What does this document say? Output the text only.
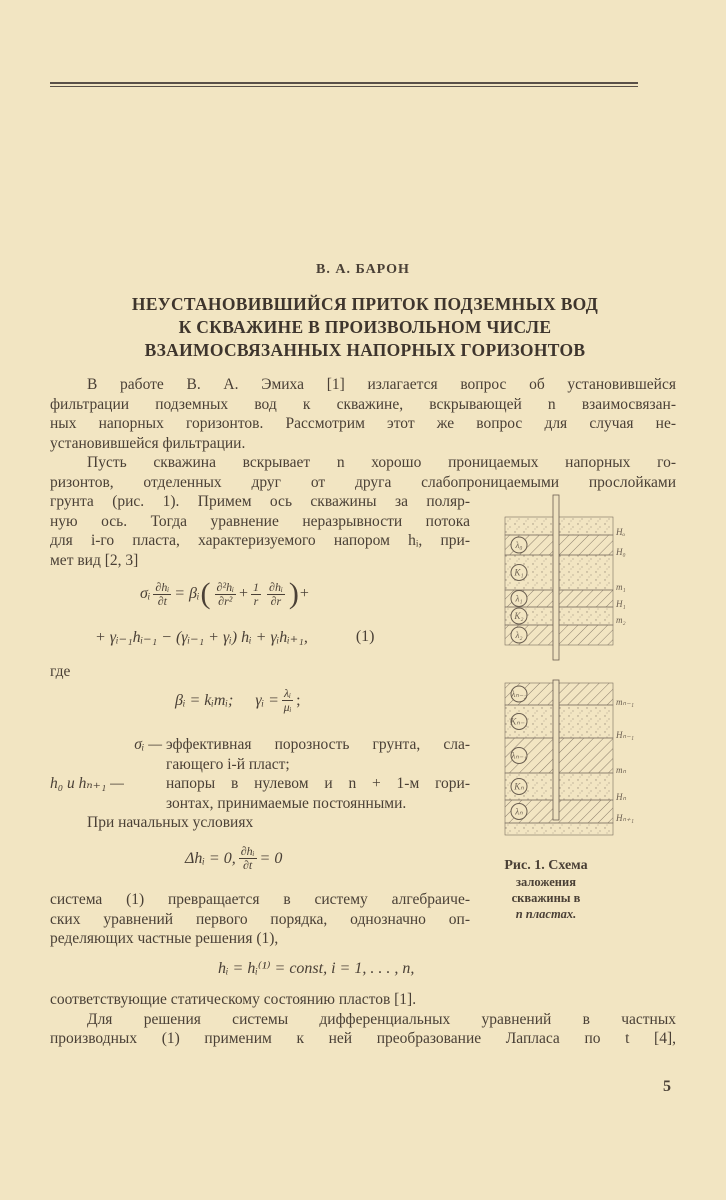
В. А. БАРОН
НЕУСТАНОВИВШИЙСЯ ПРИТОК ПОДЗЕМНЫХ ВОД
К СКВАЖИНЕ В ПРОИЗВОЛЬНОМ ЧИСЛЕ
ВЗАИМОСВЯЗАННЫХ НАПОРНЫХ ГОРИЗОНТОВ
В работе В. А. Эмиха [1] излагается вопрос об установившейся
фильтрации подземных вод к скважине, вскрывающей n взаимосвязан-
ных напорных горизонтов. Рассмотрим этот же вопрос для случая не-
установившейся фильтрации.
Пусть скважина вскрывает n хорошо проницаемых напорных го-
ризонтов, отделенных друг от друга слабопроницаемыми прослойками
грунта (рис. 1). Примем ось скважины за поляр-
ную ось. Тогда уравнение неразрывности потока
для i-го пласта, характеризуемого напором hᵢ, при-
мет вид [2, 3]
σᵢ $\frac{\text{∂hᵢ}}{\partial t}$ = βᵢ ( $\frac{\text{∂²hᵢ}}{\text{∂r²}} + \frac{1}{r} \frac{\text{∂hᵢ}}{\partial r}$ ) +
+ γᵢ₋₁hᵢ₋₁ − (γᵢ₋₁ + γᵢ) hᵢ + γᵢhᵢ₊₁,	(1)
где
βᵢ = kᵢmᵢ; γᵢ = $\frac{\text{λᵢ}}{\text{μᵢ}}$ ;
σᵢ — эффективная порозность грунта, сла-
гающего i-й пласт;
h₀ и hₙ₊₁ —	напоры в нулевом и n + 1-м гори-
зонтах, принимаемые постоянными.
При начальных условиях
Δhᵢ = 0, $\frac{\text{∂hᵢ}}{\partial t} = 0$
система (1) превращается в систему алгебраиче-
ских уравнений первого порядка, однозначно оп-
ределяющих частные решения (1),
hᵢ = hᵢ⁽¹⁾ = const, i = 1, . . . , n,
соответствующие статическому состоянию пластов [1].
Для решения системы дифференциальных уравнений в частных
производных (1) применим к ней преобразование Лапласа по t [4],
λ₀
K₁
λ₁
K₂
λ₂
Hₒ
H₀
m₁
H₁
m₂
λₙ₋₂
Kₙ₋₁
λₙ₋₁
Kₙ
λₙ
mₙ₋₁
Hₙ₋₁
mₙ
Hₙ
Hₙ₊₁
Рис. 1. Схема
заложения
скважины в
n пластах.
5
